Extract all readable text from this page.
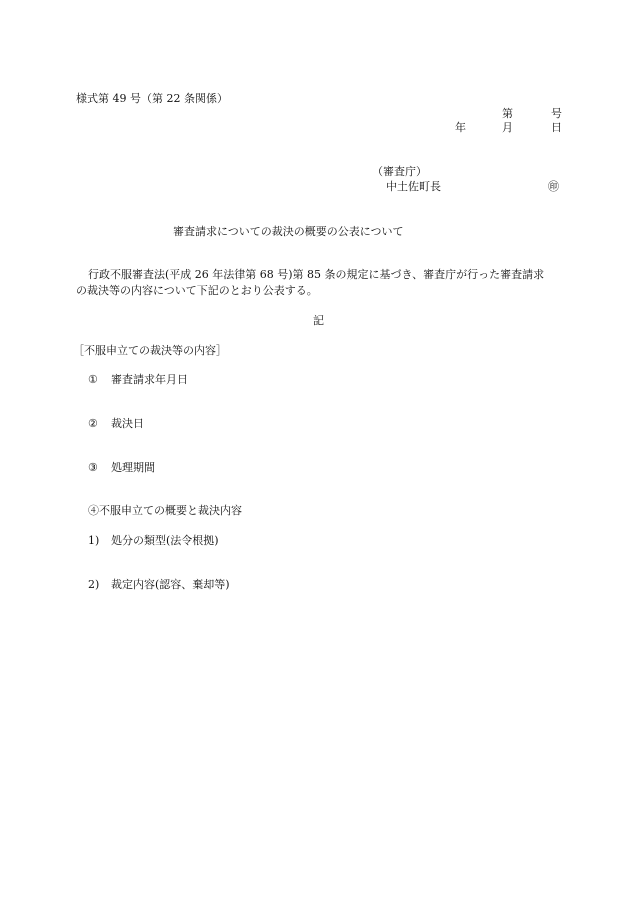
様式第 49 号（第 22 条関係）
第	号
年	月	日
（審査庁）
中土佐町長	㊞
審査請求についての裁決の概要の公表について
行政不服審査法(平成 26 年法律第 68 号)第 85 条の規定に基づき、審査庁が行った審査請求
の裁決等の内容について下記のとおり公表する。
記
［不服申立ての裁決等の内容］
① 審査請求年月日
② 裁決日
③ 処理期間
④不服申立ての概要と裁決内容
1) 処分の類型(法令根拠)
2) 裁定内容(認容、棄却等)
